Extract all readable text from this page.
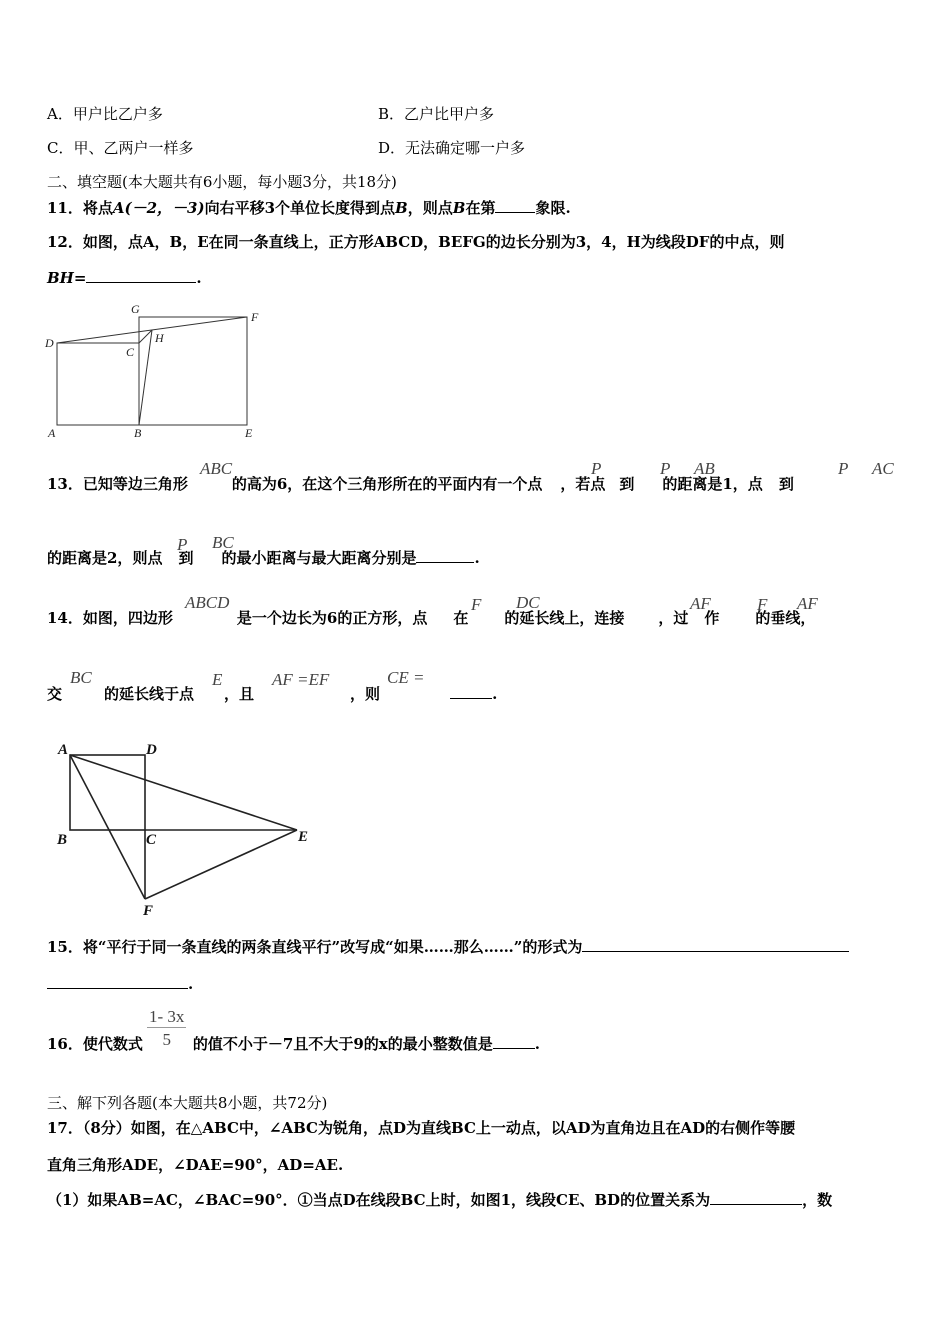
A．甲户比乙户多	B．乙户比甲户多
C．甲、乙两户一样多	D．无法确定哪一户多
二、填空题(本大题共有6小题，每小题3分，共18分)
11．将点A(－2，－3)向右平移3个单位长度得到点B，则点B在第	象限.
12．如图，点A，B，E在同一条直线上，正方形ABCD，BEFG的边长分别为3，4，H为线段DF的中点，则
BH=	.
G
F
D
C
H
A	B	E
13．已知等边三角形	的高为6，在这个三角形所在的平面内有一个点 ，若点 到 的距离是1，点 到
ABC	P	P AB	P AC
的距离是2，则点 到 的最小距离与最大距离分别是	.
P BC
14．如图，四边形	是一个边长为6的正方形，点 在 的延长线上，连接 ，过 作 的垂线，
ABCD	F DC	AF	F AF
交	的延长线于点 ，且	，则	.
BC	E	AF =EF	CE =
A	D
B	C	E
F
15．将“平行于同一条直线的两条直线平行”改写成“如果……那么……”的形式为
.
16．使代数式	的值不小于－7且不大于9的x的最小整数值是	.
$\frac{1- 3x}{5}$
三、解下列各题(本大题共8小题，共72分)
17．（8分）如图，在△ABC中，∠ABC为锐角，点D为直线BC上一动点，以AD为直角边且在AD的右侧作等腰
直角三角形ADE，∠DAE=90°，AD=AE.
（1）如果AB=AC，∠BAC=90°．①当点D在线段BC上时，如图1，线段CE、BD的位置关系为	，数
